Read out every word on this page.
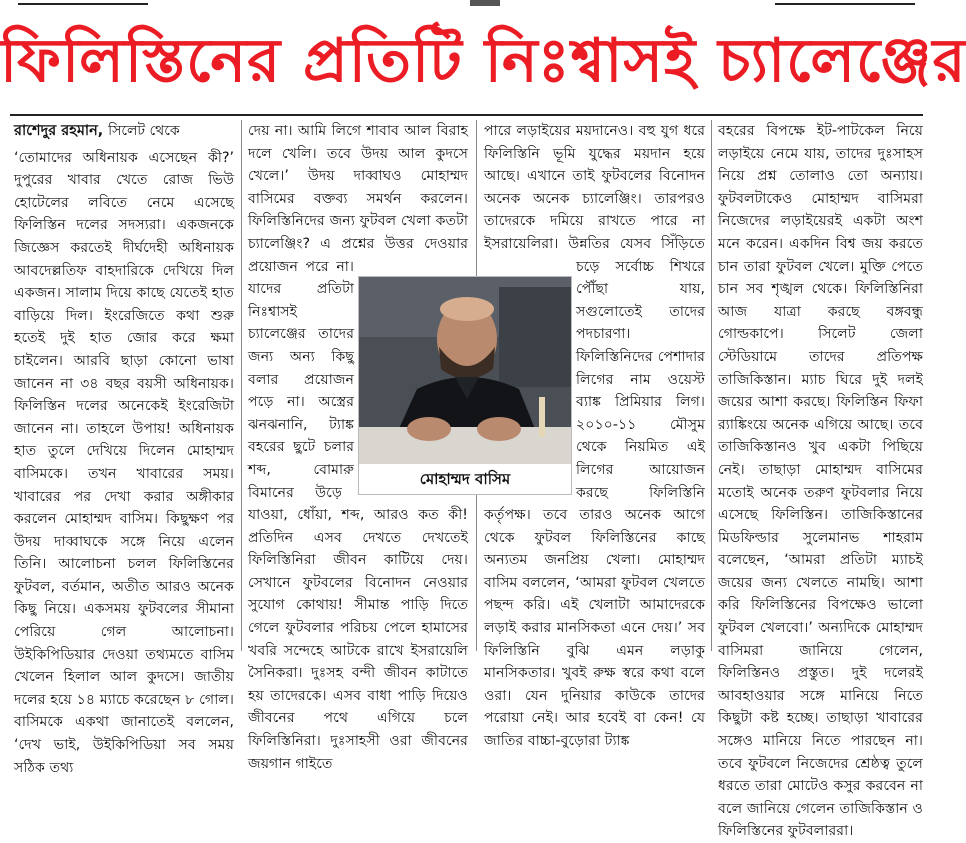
ফিলিস্তিনের প্রতিটি নিঃশ্বাসই চ্যালেঞ্জের
রাশেদুর রহমান, সিলেট থেকে

‘তোমাদের অধিনায়ক এসেছেন কী?’ দুপুরের খাবার খেতে রোজ ভিউ হোটেলের লবিতে নেমে এসেছে ফিলিস্তিন দলের সদস্যরা। একজনকে জিজ্ঞেস করতেই দীর্ঘদেহী অধিনায়ক আবদেল্লতিফ বাহদারিকে দেখিয়ে দিল একজন। সালাম দিয়ে কাছে যেতেই হাত বাড়িয়ে দিল। ইংরেজিতে কথা শুরু হতেই দুই হাত জোর করে ক্ষমা চাইলেন। আরবি ছাড়া কোনো ভাষা জানেন না ৩৪ বছর বয়সী অধিনায়ক। ফিলিস্তিন দলের অনেকেই ইংরেজিটা জানেন না। তাহলে উপায়! অধিনায়ক হাত তুলে দেখিয়ে দিলেন মোহাম্মদ বাসিমকে। তখন খাবারের সময়। খাবারের পর দেখা করার অঙ্গীকার করলেন মোহাম্মদ বাসিম। কিছুক্ষণ পর উদয় দাব্বাঘকে সঙ্গে নিয়ে এলেন তিনি। আলোচনা চলল ফিলিস্তিনের ফুটবল, বর্তমান, অতীত আরও অনেক কিছু নিয়ে। একসময় ফুটবলের সীমানা পেরিয়ে গেল আলোচনা। উইকিপিডিয়ার দেওয়া তথ্যমতে বাসিম খেলেন হিলাল আল কুদসে। জাতীয় দলের হয়ে ১৪ ম্যাচে করেছেন ৮ গোল। বাসিমকে একথা জানাতেই বললেন, ‘দেখ ভাই, উইকিপিডিয়া সব সময় সঠিক তথ্য

দেয় না। আমি লিগে শাবাব আল বিরাহ দলে খেলি। তবে উদয় আল কুদসে খেলে।’ উদয় দাব্বাঘও মোহাম্মদ বাসিমের বক্তব্য সমর্থন করলেন। ফিলিস্তিনিদের জন্য ফুটবল খেলা কতটা চ্যালেঞ্জিং? এ প্রশ্নের উত্তর দেওয়ার প্রয়োজন পরে না। যাদের প্রতিটা নিঃশ্বাসই চ্যালেঞ্জের তাদের জন্য অন্য কিছু বলার প্রয়োজন পড়ে না। অস্ত্রের ঝনঝনানি, ট্যাঙ্ক বহরের ছুটে চলার শব্দ, বোমারু বিমানের উড়ে যাওয়া, ধোঁয়া, শব্দ, আরও কত কী! প্রতিদিন এসব দেখতে দেখতেই ফিলিস্তিনিরা জীবন কাটিয়ে দেয়। সেখানে ফুটবলের বিনোদন নেওয়ার সুযোগ কোথায়! সীমান্ত পাড়ি দিতে গেলে ফুটবলার পরিচয় পেলে হামাসের খবরি সন্দেহে আটকে রাখে ইসরায়েলি সৈনিকরা। দুঃসহ বন্দী জীবন কাটাতে হয় তাদেরকে। এসব বাধা পাড়ি দিয়েও জীবনের পথে এগিয়ে চলে ফিলিস্তিনিরা। দুঃসাহসী ওরা জীবনের জয়গান গাইতে

পারে লড়াইয়ের ময়দানেও। বহু যুগ ধরে ফিলিস্তিনি ভূমি যুদ্ধের ময়দান হয়ে আছে। এখানে তাই ফুটবলের বিনোদন অনেক অনেক চ্যালেঞ্জিং। তারপরও তাদেরকে দমিয়ে রাখতে পারে না ইসরায়েলিরা। উন্নতির যেসব সিঁড়িতে চড়ে সর্বোচ্চ শিখরে পৌঁছা যায়, সগুলোতেই তাদের পদচারণা। ফিলিস্তিনিদের পেশাদার লিগের নাম ওয়েস্ট ব্যাঙ্ক প্রিমিয়ার লিগ। ২০১০-১১ মৌসুম থেকে নিয়মিত এই লিগের আয়োজন করছে ফিলিস্তিনি কর্তৃপক্ষ। তবে তারও অনেক আগে থেকে ফুটবল ফিলিস্তিনের কাছে অন্যতম জনপ্রিয় খেলা। মোহাম্মদ বাসিম বললেন, ‘আমরা ফুটবল খেলতে পছন্দ করি। এই খেলাটা আমাদেরকে লড়াই করার মানসিকতা এনে দেয়।’ সব ফিলিস্তিনি বুঝি এমন লড়াকু মানসিকতার। খুবই রুক্ষ স্বরে কথা বলে ওরা। যেন দুনিয়ার কাউকে তাদের পরোয়া নেই। আর হবেই বা কেন! যে জাতির বাচ্চা-বুড়োরা ট্যাঙ্ক

বহরের বিপক্ষে ইট-পাটকেল নিয়ে লড়াইয়ে নেমে যায়, তাদের দুঃসাহস নিয়ে প্রশ্ন তোলাও তো অন্যায়। ফুটবলটাকেও মোহাম্মদ বাসিমরা নিজেদের লড়াইয়েরই একটা অংশ মনে করেন। একদিন বিশ্ব জয় করতে চান তারা ফুটবল খেলে। মুক্তি পেতে চান সব শৃঙ্খল থেকে। ফিলিস্তিনিরা আজ যাত্রা করছে বঙ্গবন্ধু গোল্ডকাপে। সিলেট জেলা স্টেডিয়ামে তাদের প্রতিপক্ষ তাজিকিস্তান। ম্যাচ ঘিরে দুই দলই জয়ের আশা করছে। ফিলিস্তিন ফিফা র‍্যাঙ্কিংয়ে অনেক এগিয়ে আছে। তবে তাজিকিস্তানও খুব একটা পিছিয়ে নেই। তাছাড়া মোহাম্মদ বাসিমের মতোই অনেক তরুণ ফুটবলার নিয়ে এসেছে ফিলিস্তিন। তাজিকিস্তানের মিডফিল্ডার সুলেমানভ শাহরাম বলেছেন, ‘আমরা প্রতিটা ম্যাচই জয়ের জন্য খেলতে নামছি। আশা করি ফিলিস্তিনের বিপক্ষেও ভালো ফুটবল খেলবো।’ অন্যদিকে মোহাম্মদ বাসিমরা জানিয়ে গেলেন, ফিলিস্তিনও প্রস্তুত। দুই দলেরই আবহাওয়ার সঙ্গে মানিয়ে নিতে কিছুটা কষ্ট হচ্ছে। তাছাড়া খাবারের সঙ্গেও মানিয়ে নিতে পারছেন না। তবে ফুটবলে নিজেদের শ্রেষ্ঠত্ব তুলে ধরতে তারা মোটেও কসুর করবেন না বলে জানিয়ে গেলেন তাজিকিস্তান ও ফিলিস্তিনের ফুটবলাররা।

মোহাম্মদ বাসিম
